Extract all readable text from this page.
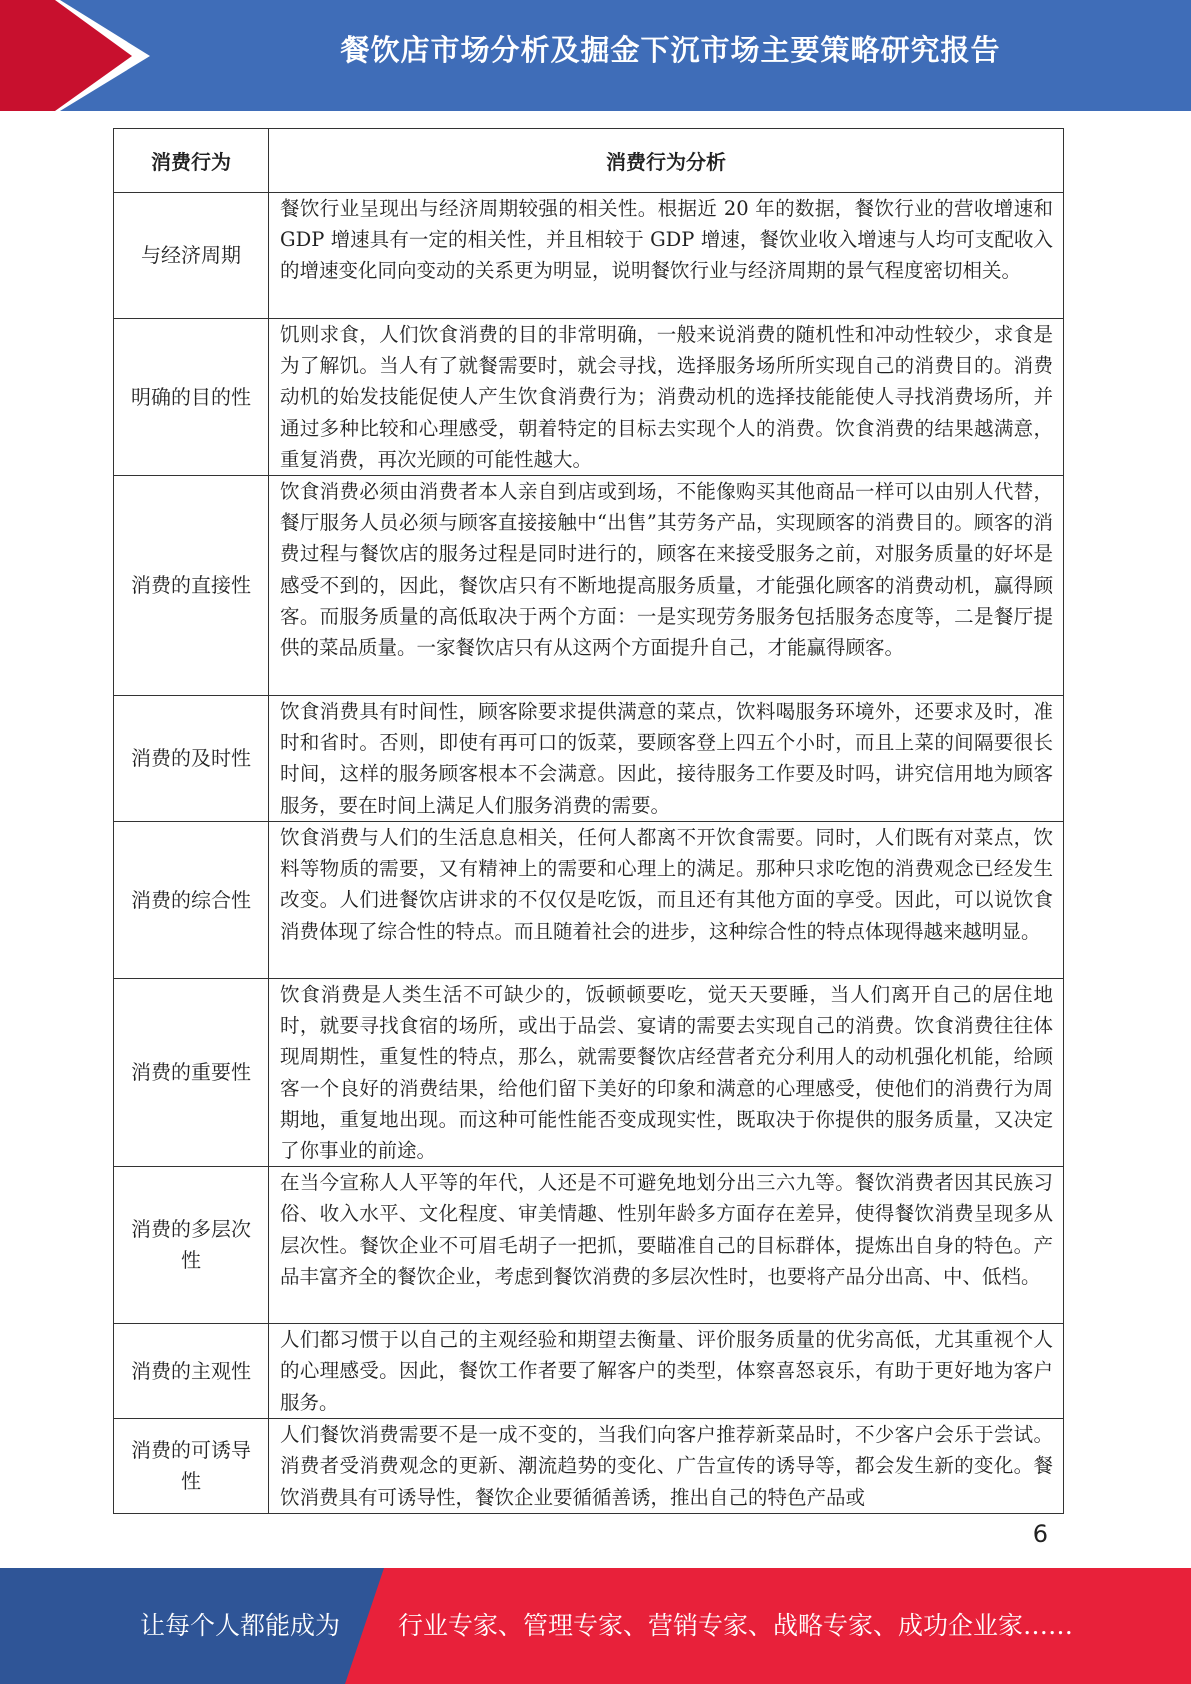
餐饮店市场分析及掘金下沉市场主要策略研究报告
消费行为	消费行为分析
与经济周期	餐饮行业呈现出与经济周期较强的相关性。根据近 20 年的数据，餐饮行业的营收增速和 GDP 增速具有一定的相关性，并且相较于 GDP 增速，餐饮业收入增速与人均可支配收入的增速变化同向变动的关系更为明显，说明餐饮行业与经济周期的景气程度密切相关。
明确的目的性	饥则求食，人们饮食消费的目的非常明确，一般来说消费的随机性和冲动性较少，求食是为了解饥。当人有了就餐需要时，就会寻找，选择服务场所所实现自己的消费目的。消费动机的始发技能促使人产生饮食消费行为；消费动机的选择技能能使人寻找消费场所，并通过多种比较和心理感受，朝着特定的目标去实现个人的消费。饮食消费的结果越满意，重复消费，再次光顾的可能性越大。
消费的直接性	饮食消费必须由消费者本人亲自到店或到场，不能像购买其他商品一样可以由别人代替，餐厅服务人员必须与顾客直接接触中“出售”其劳务产品，实现顾客的消费目的。顾客的消费过程与餐饮店的服务过程是同时进行的，顾客在来接受服务之前，对服务质量的好坏是感受不到的，因此，餐饮店只有不断地提高服务质量，才能强化顾客的消费动机，赢得顾客。而服务质量的高低取决于两个方面：一是实现劳务服务包括服务态度等，二是餐厅提供的菜品质量。一家餐饮店只有从这两个方面提升自己，才能赢得顾客。
消费的及时性	饮食消费具有时间性，顾客除要求提供满意的菜点，饮料喝服务环境外，还要求及时，准时和省时。否则，即使有再可口的饭菜，要顾客登上四五个小时，而且上菜的间隔要很长时间，这样的服务顾客根本不会满意。因此，接待服务工作要及时吗，讲究信用地为顾客服务，要在时间上满足人们服务消费的需要。
消费的综合性	饮食消费与人们的生活息息相关，任何人都离不开饮食需要。同时，人们既有对菜点，饮料等物质的需要，又有精神上的需要和心理上的满足。那种只求吃饱的消费观念已经发生改变。人们进餐饮店讲求的不仅仅是吃饭，而且还有其他方面的享受。因此，可以说饮食消费体现了综合性的特点。而且随着社会的进步，这种综合性的特点体现得越来越明显。
消费的重要性	饮食消费是人类生活不可缺少的，饭顿顿要吃，觉天天要睡，当人们离开自己的居住地时，就要寻找食宿的场所，或出于品尝、宴请的需要去实现自己的消费。饮食消费往往体现周期性，重复性的特点，那么，就需要餐饮店经营者充分利用人的动机强化机能，给顾客一个良好的消费结果，给他们留下美好的印象和满意的心理感受，使他们的消费行为周期地，重复地出现。而这种可能性能否变成现实性，既取决于你提供的服务质量，又决定了你事业的前途。
消费的多层次性	在当今宣称人人平等的年代，人还是不可避免地划分出三六九等。餐饮消费者因其民族习俗、收入水平、文化程度、审美情趣、性别年龄多方面存在差异，使得餐饮消费呈现多从层次性。餐饮企业不可眉毛胡子一把抓，要瞄准自己的目标群体，提炼出自身的特色。产品丰富齐全的餐饮企业，考虑到餐饮消费的多层次性时，也要将产品分出高、中、低档。
消费的主观性	人们都习惯于以自己的主观经验和期望去衡量、评价服务质量的优劣高低，尤其重视个人的心理感受。因此，餐饮工作者要了解客户的类型，体察喜怒哀乐，有助于更好地为客户服务。
消费的可诱导性	人们餐饮消费需要不是一成不变的，当我们向客户推荐新菜品时，不少客户会乐于尝试。消费者受消费观念的更新、潮流趋势的变化、广告宣传的诱导等，都会发生新的变化。餐饮消费具有可诱导性，餐饮企业要循循善诱，推出自己的特色产品或
6
让每个人都能成为 行业专家、管理专家、营销专家、战略专家、成功企业家……
